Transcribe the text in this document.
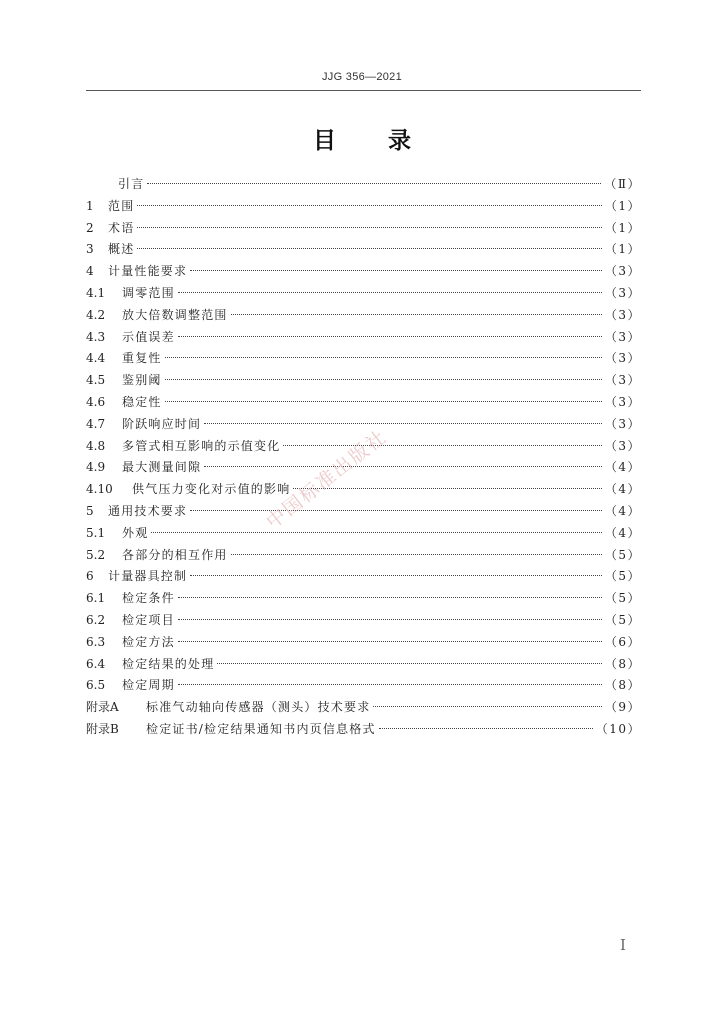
JJG 356—2021
目 录
引言	（Ⅱ）
1	范围	（1）
2	术语	（1）
3	概述	（1）
4	计量性能要求	（3）
4.1	调零范围	（3）
4.2	放大倍数调整范围	（3）
4.3	示值误差	（3）
4.4	重复性	（3）
4.5	鉴别阈	（3）
4.6	稳定性	（3）
4.7	阶跃响应时间	（3）
4.8	多管式相互影响的示值变化	（3）
4.9	最大测量间隙	（4）
4.10	供气压力变化对示值的影响	（4）
5	通用技术要求	（4）
5.1	外观	（4）
5.2	各部分的相互作用	（5）
6	计量器具控制	（5）
6.1	检定条件	（5）
6.2	检定项目	（5）
6.3	检定方法	（6）
6.4	检定结果的处理	（8）
6.5	检定周期	（8）
附录A	标准气动轴向传感器（测头）技术要求	（9）
附录B	检定证书/检定结果通知书内页信息格式	（10）
中国标准出版社
I
